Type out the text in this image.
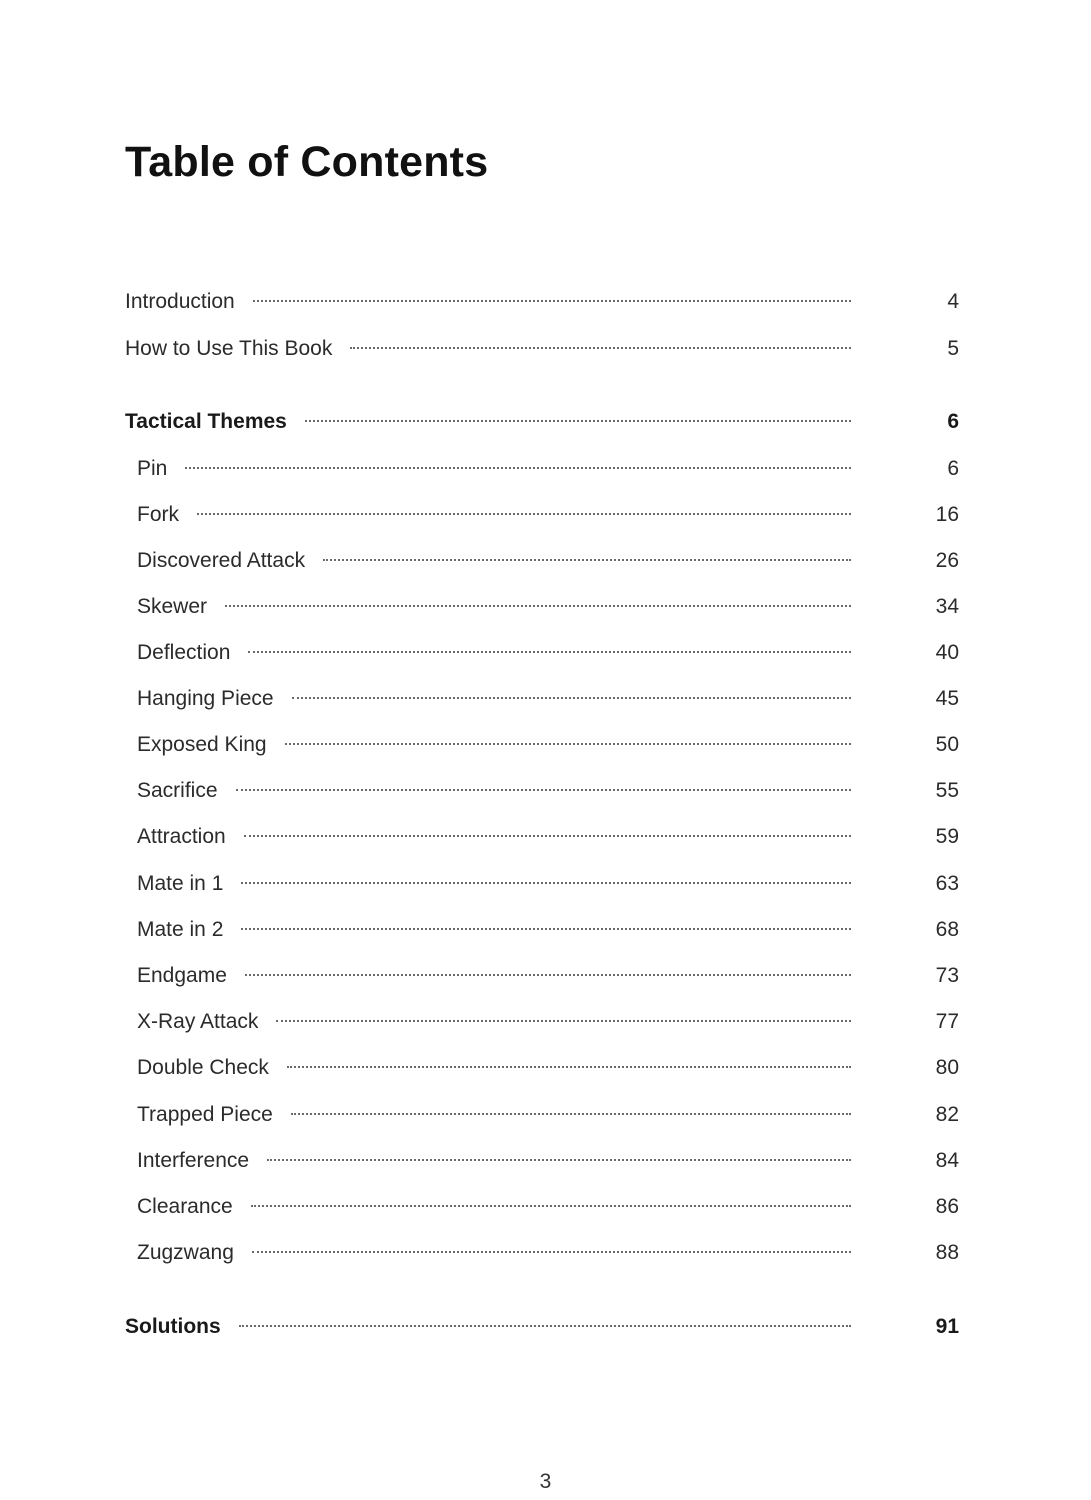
Table of Contents
Introduction	4
How to Use This Book	5
Tactical Themes	6
Pin	6
Fork	16
Discovered Attack	26
Skewer	34
Deflection	40
Hanging Piece	45
Exposed King	50
Sacrifice	55
Attraction	59
Mate in 1	63
Mate in 2	68
Endgame	73
X-Ray Attack	77
Double Check	80
Trapped Piece	82
Interference	84
Clearance	86
Zugzwang	88
Solutions	91
3
